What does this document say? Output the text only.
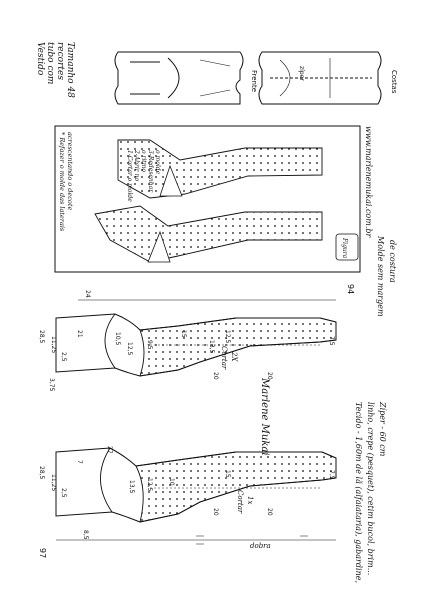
Vestido tubo com recortes Tamanho 48	Frente	Costas
zíper
* Refazer o molde das laterais acrescentando o decote	1-Cortar o molde 2-Abrir no o ritmo 3-Redesenhar o molde
Figura
www.marlenemukai.com.br
Molde sem margem de costura
94
28,5 11,25
2,5
3,75
21
24
12,5 9,5	13,5
12,5
10,5	15
20	20
7,5
Cortar 2X
97
28,5
11,25
2,5
7
8,5
27
13,5 12,5	10
15
20	20
7,5
Cortar 1x
dobra	Tecido - 1,60m de lã (alfaiataria), gabardine, linho, crepe (pesquet), cetim bucol, brim... Zíper - 60 cm
Marlene Mukai
